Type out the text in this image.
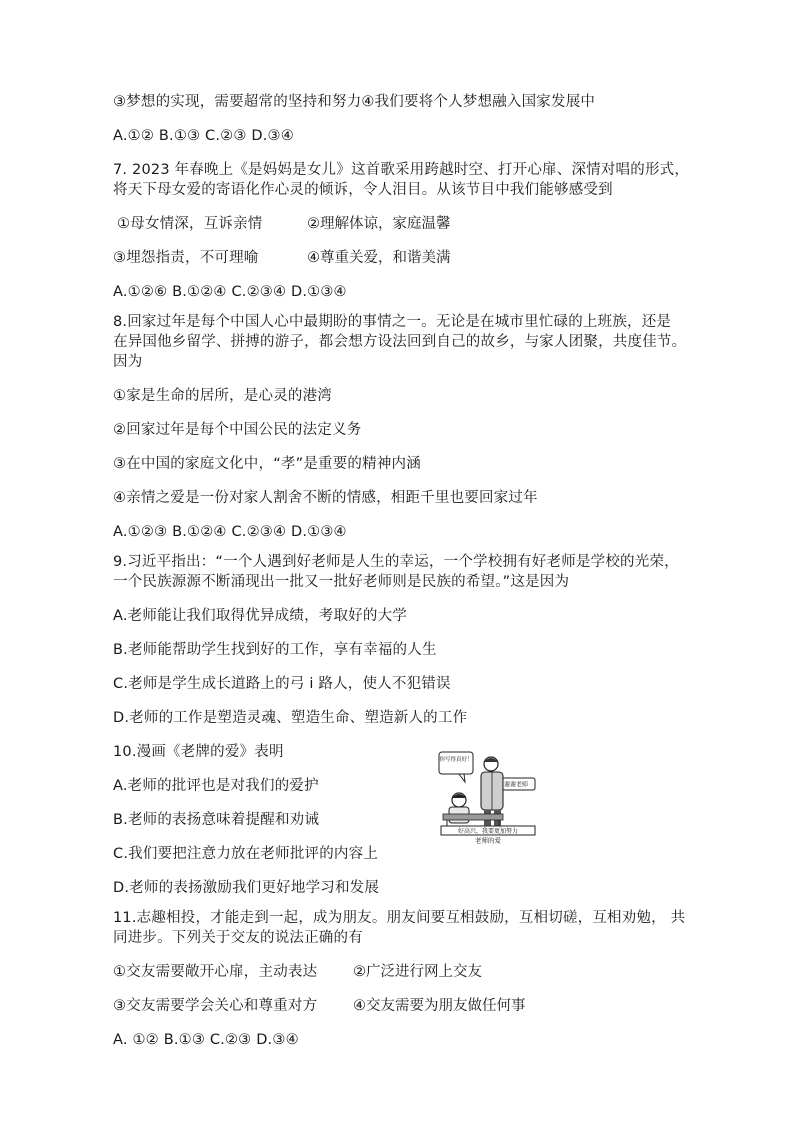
③梦想的实现，需要超常的坚持和努力④我们要将个人梦想融入国家发展中
A.①② B.①③ C.②③ D.③④
7. 2023 年春晚上《是妈妈是女儿》这首歌采用跨越时空、打开心扉、深情对唱的形式，
将天下母女爱的寄语化作心灵的倾诉，令人泪目。从该节目中我们能够感受到
①母女情深，互诉亲情	②理解体谅，家庭温馨
③埋怨指责，不可理喻	④尊重关爱，和谐美满
A.①②⑥ B.①②④ C.②③④ D.①③④
8.回家过年是每个中国人心中最期盼的事情之一。无论是在城市里忙碌的上班族，还是
在异国他乡留学、拼搏的游子，都会想方设法回到自己的故乡，与家人团聚，共度佳节。
因为
①家是生命的居所，是心灵的港湾
②回家过年是每个中国公民的法定义务
③在中国的家庭文化中，“孝”是重要的精神内涵
④亲情之爱是一份对家人割舍不断的情感，相距千里也要回家过年
A.①②③ B.①②④ C.②③④ D.①③④
9.习近平指出：“一个人遇到好老师是人生的幸运，一个学校拥有好老师是学校的光荣，
一个民族源源不断涌现出一批又一批好老师则是民族的希望。”这是因为
A.老师能让我们取得优异成绩，考取好的大学
B.老师能帮助学生找到好的工作，享有幸福的人生
C.老师是学生成长道路上的弓 i 路人，使人不犯错误
D.老师的工作是塑造灵魂、塑造生命、塑造新人的工作
10.漫画《老牌的爱》表明
A.老师的批评也是对我们的爱护
B.老师的表扬意味着提醒和劝诫
C.我们要把注意力放在老师批评的内容上
D.老师的表扬激励我们更好地学习和发展
你写得真好！
谢谢老师
好高兴，我要更加努力
老师的爱
11.志趣相投，才能走到一起，成为朋友。朋友间要互相鼓励，互相切磋，互相劝勉， 共
同进步。下列关于交友的说法正确的有
①交友需要敞开心扉，主动表达 ②广泛进行网上交友
③交友需要学会关心和尊重对方 ④交友需要为朋友做任何事
A. ①② B.①③ C.②③ D.③④
